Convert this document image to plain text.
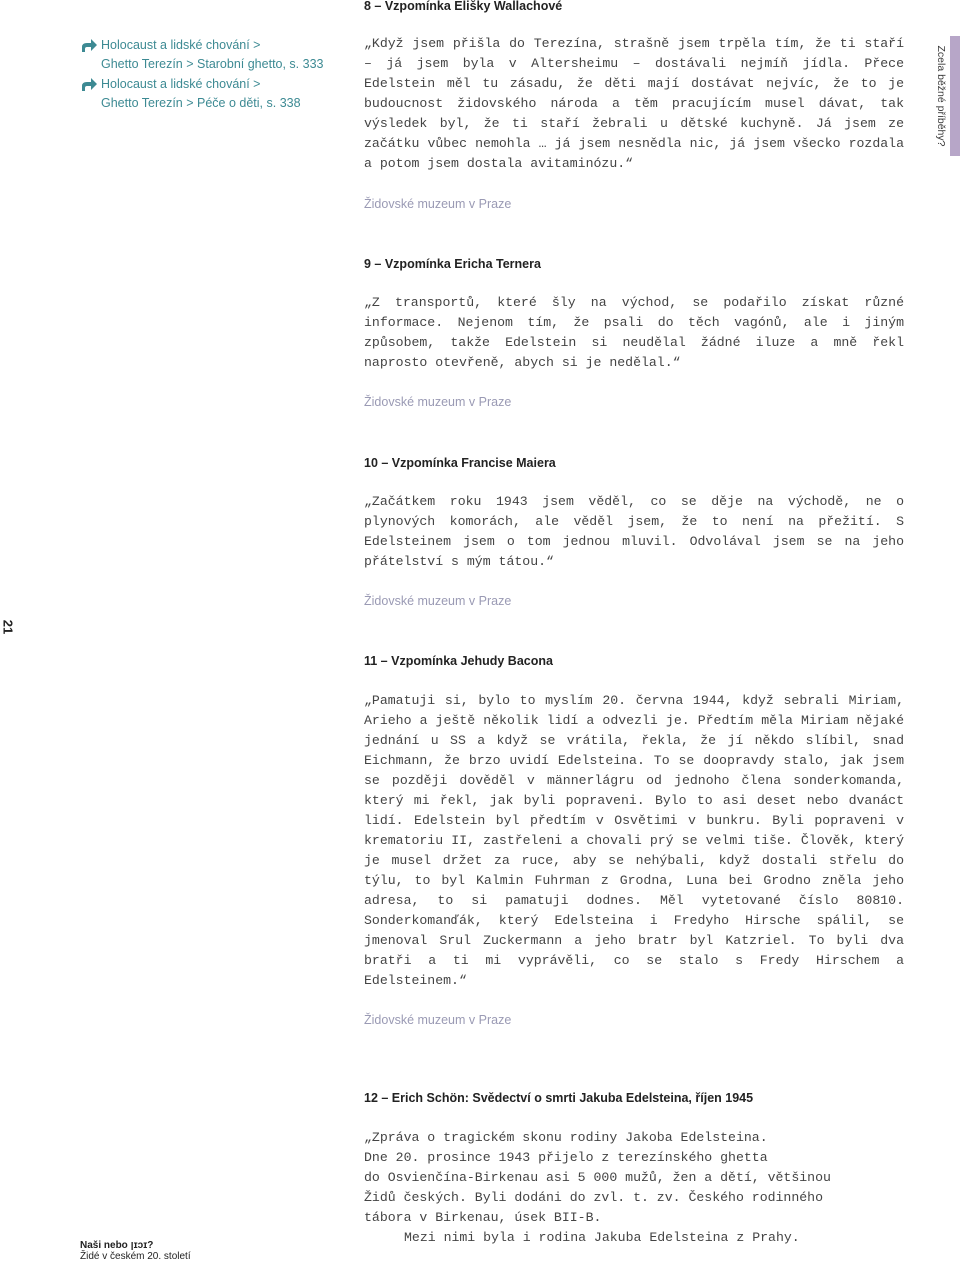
Holocaust a lidské chování >
Ghetto Terezín > Starobní ghetto, s. 333
Holocaust a lidské chování >
Ghetto Terezín > Péče o děti, s. 338	Zcela běžné příběhy?
21
Naši nebo ןɪɔɪ?
Židé v českém 20. století
8 – Vzpomínka Elišky Wallachové

„Když jsem přišla do Terezína, strašně jsem trpěla tím, že ti staří – já jsem byla v Altersheimu – dostávali nejmíň jídla. Přece Edelstein měl tu zásadu, že děti mají dostávat nejvíc, že to je budoucnost židovského národa a těm pracujícím musel dávat, tak výsledek byl, že ti staří žebrali u dětské kuchyně. Já jsem ze začátku vůbec nemohla … já jsem nesnědla nic, já jsem všecko rozdala a potom jsem dostala avitaminózu.“

Židovské muzeum v Praze
9 – Vzpomínka Ericha Ternera

„Z transportů, které šly na východ, se podařilo získat různé informace. Nejenom tím, že psali do těch vagónů, ale i jiným způsobem, takže Edelstein si neudělal žádné iluze a mně řekl naprosto otevřeně, abych si je nedělal.“

Židovské muzeum v Praze
10 – Vzpomínka Francise Maiera

„Začátkem roku 1943 jsem věděl, co se děje na východě, ne o plynových komorách, ale věděl jsem, že to není na přežití. S Edelsteinem jsem o tom jednou mluvil. Odvolával jsem se na jeho přátelství s mým tátou.“

Židovské muzeum v Praze
11 – Vzpomínka Jehudy Bacona

„Pamatuji si, bylo to myslím 20. června 1944, když sebrali Miriam, Arieho a ještě několik lidí a odvezli je. Předtím měla Miriam nějaké jednání u SS a když se vrátila, řekla, že jí někdo slíbil, snad Eichmann, že brzo uvidí Edelsteina. To se doopravdy stalo, jak jsem se později dověděl v männerlágru od jednoho člena sonderkomanda, který mi řekl, jak byli popraveni. Bylo to asi deset nebo dvanáct lidí. Edelstein byl předtím v Osvětimi v bunkru. Byli popraveni v krematoriu II, zastřeleni a chovali prý se velmi tiše. Člověk, který je musel držet za ruce, aby se nehýbali, když dostali střelu do týlu, to byl Kalmin Fuhrman z Grodna, Luna bei Grodno zněla jeho adresa, to si pamatuji dodnes. Měl vytetované číslo 80810. Sonderkomanďák, který Edelsteina i Fredyho Hirsche spálil, se jmenoval Srul Zuckermann a jeho bratr byl Katzriel. To byli dva bratři a ti mi vyprávěli, co se stalo s Fredy Hirschem a Edelsteinem.“

Židovské muzeum v Praze
12 – Erich Schön: Svědectví o smrti Jakuba Edelsteina, říjen 1945
„Zpráva o tragickém skonu rodiny Jakoba Edelsteina.
Dne 20. prosince 1943 přijelo z terezínského ghetta
do Osvienčína-Birkenau asi 5 000 mužů, žen a dětí, většinou
Židů českých. Byli dodáni do zvl. t. zv. Českého rodinného
tábora v Birkenau, úsek BII-B.
Mezi nimi byla i rodina Jakuba Edelsteina z Prahy.
